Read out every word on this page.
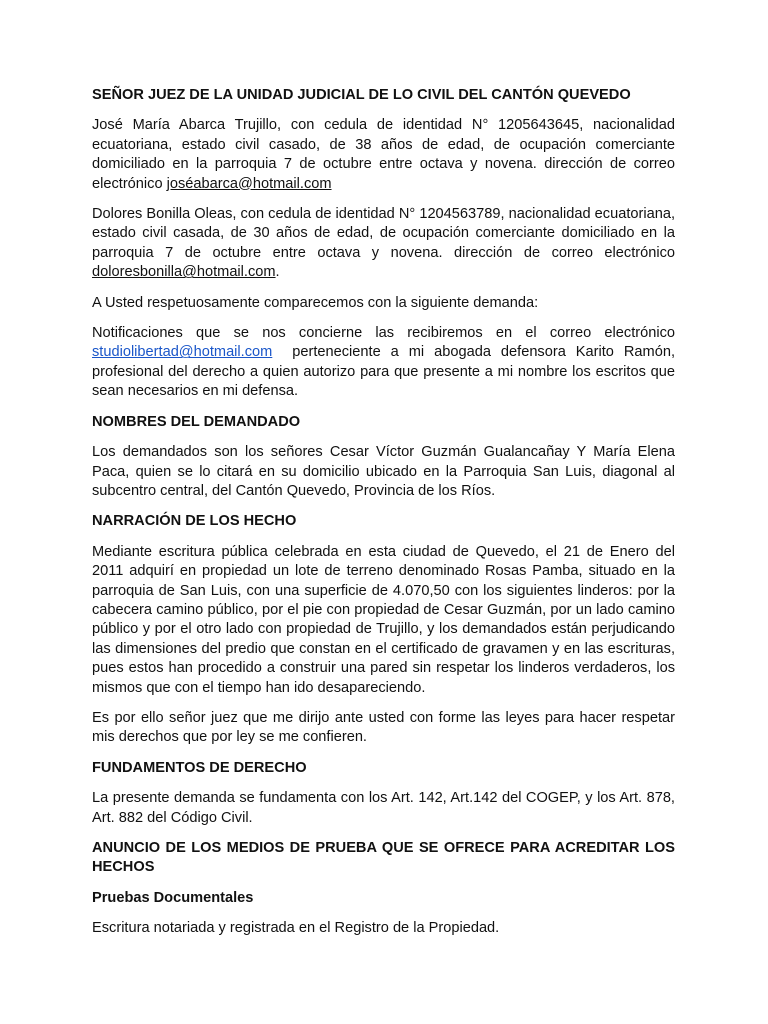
SEÑOR JUEZ DE LA UNIDAD JUDICIAL DE LO CIVIL DEL CANTÓN QUEVEDO

José María Abarca Trujillo, con cedula de identidad N° 1205643645, nacionalidad ecuatoriana, estado civil casado, de 38 años de edad, de ocupación comerciante domiciliado en la parroquia 7 de octubre entre octava y novena. dirección de correo electrónico joséabarca@hotmail.com

Dolores Bonilla Oleas, con cedula de identidad N° 1204563789, nacionalidad ecuatoriana, estado civil casada, de 30 años de edad, de ocupación comerciante domiciliado en la parroquia 7 de octubre entre octava y novena. dirección de correo electrónico doloresbonilla@hotmail.com.

A Usted respetuosamente comparecemos con la siguiente demanda:

Notificaciones que se nos concierne las recibiremos en el correo electrónico studiolibertad@hotmail.com  perteneciente a mi abogada defensora Karito Ramón, profesional del derecho a quien autorizo para que presente a mi nombre los escritos que sean necesarios en mi defensa.

NOMBRES DEL DEMANDADO

Los demandados son los señores Cesar Víctor Guzmán Gualancañay Y María Elena Paca, quien se lo citará en su domicilio ubicado en la Parroquia San Luis, diagonal al subcentro central, del Cantón Quevedo, Provincia de los Ríos.

NARRACIÓN DE LOS HECHO

Mediante escritura pública celebrada en esta ciudad de Quevedo, el 21 de Enero del 2011 adquirí en propiedad un lote de terreno denominado Rosas Pamba, situado en la parroquia de San Luis, con una superficie de 4.070,50 con los siguientes linderos: por la cabecera camino público, por el pie con propiedad de Cesar Guzmán, por un lado camino público y por el otro lado con propiedad de Trujillo, y los demandados están perjudicando las dimensiones del predio que constan en el certificado de gravamen y en las escrituras, pues estos han procedido a construir una pared sin respetar los linderos verdaderos, los mismos que con el tiempo han ido desapareciendo.

Es por ello señor juez que me dirijo ante usted con forme las leyes para hacer respetar mis derechos que por ley se me confieren.

FUNDAMENTOS DE DERECHO

La presente demanda se fundamenta con los Art. 142, Art.142 del COGEP, y los Art. 878, Art. 882 del Código Civil.

ANUNCIO DE LOS MEDIOS DE PRUEBA QUE SE OFRECE PARA ACREDITAR LOS HECHOS

Pruebas Documentales

Escritura notariada y registrada en el Registro de la Propiedad.
